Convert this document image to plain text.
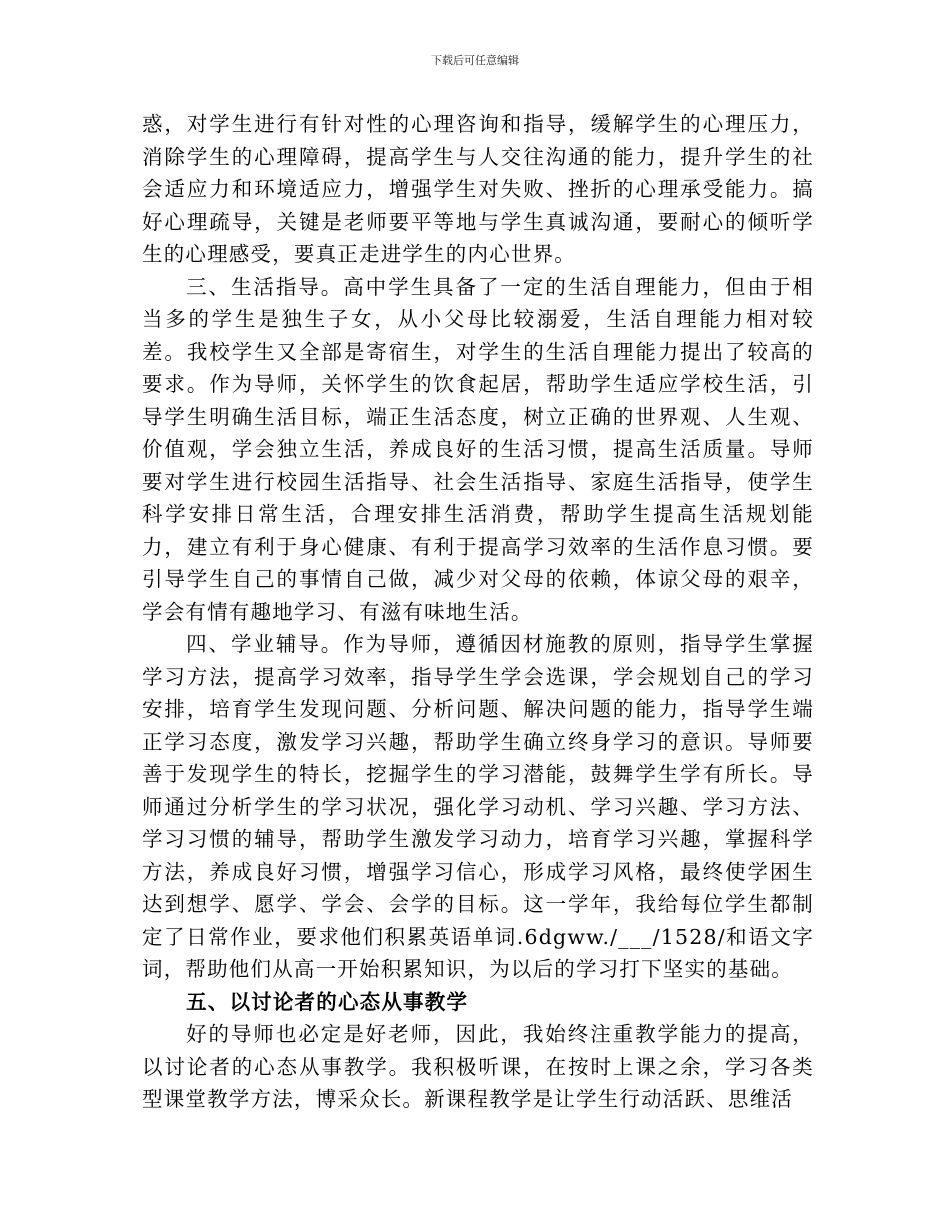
下载后可任意编辑

惑，对学生进行有针对性的心理咨询和指导，缓解学生的心理压力，消除学生的心理障碍，提高学生与人交往沟通的能力，提升学生的社会适应力和环境适应力，增强学生对失败、挫折的心理承受能力。搞好心理疏导，关键是老师要平等地与学生真诚沟通，要耐心的倾听学生的心理感受，要真正走进学生的内心世界。

三、生活指导。高中学生具备了一定的生活自理能力，但由于相当多的学生是独生子女，从小父母比较溺爱，生活自理能力相对较差。我校学生又全部是寄宿生，对学生的生活自理能力提出了较高的要求。作为导师，关怀学生的饮食起居，帮助学生适应学校生活，引导学生明确生活目标，端正生活态度，树立正确的世界观、人生观、价值观，学会独立生活，养成良好的生活习惯，提高生活质量。导师要对学生进行校园生活指导、社会生活指导、家庭生活指导，使学生科学安排日常生活，合理安排生活消费，帮助学生提高生活规划能力，建立有利于身心健康、有利于提高学习效率的生活作息习惯。要引导学生自己的事情自己做，减少对父母的依赖，体谅父母的艰辛，学会有情有趣地学习、有滋有味地生活。

四、学业辅导。作为导师，遵循因材施教的原则，指导学生掌握学习方法，提高学习效率，指导学生学会选课，学会规划自己的学习安排，培育学生发现问题、分析问题、解决问题的能力，指导学生端正学习态度，激发学习兴趣，帮助学生确立终身学习的意识。导师要善于发现学生的特长，挖掘学生的学习潜能，鼓舞学生学有所长。导师通过分析学生的学习状况，强化学习动机、学习兴趣、学习方法、学习习惯的辅导，帮助学生激发学习动力，培育学习兴趣，掌握科学方法，养成良好习惯，增强学习信心，形成学习风格，最终使学困生达到想学、愿学、学会、会学的目标。这一学年，我给每位学生都制定了日常作业，要求他们积累英语单词.6dgww./___/1528/和语文字词，帮助他们从高一开始积累知识，为以后的学习打下坚实的基础。

五、以讨论者的心态从事教学

好的导师也必定是好老师，因此，我始终注重教学能力的提高，以讨论者的心态从事教学。我积极听课，在按时上课之余，学习各类型课堂教学方法，博采众长。新课程教学是让学生行动活跃、思维活
